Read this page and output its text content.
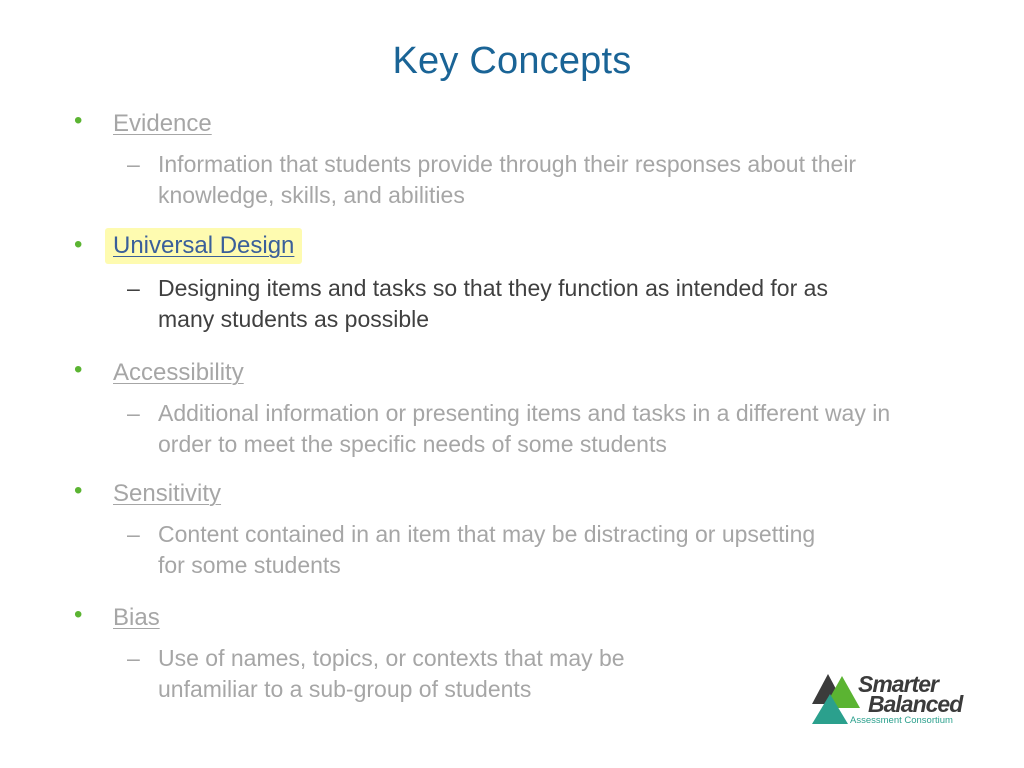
Key Concepts
• Evidence
– Information that students provide through their responses about their knowledge, skills, and abilities
•	Universal Design
– Designing items and tasks so that they function as intended for as many students as possible
• Accessibility
– Additional information or presenting items and tasks in a different way in order to meet the specific needs of some students
• Sensitivity
– Content contained in an item that may be distracting or upsetting for some students
• Bias
– Use of names, topics, or contexts that may be unfamiliar to a sub-group of students	Smarter
Balanced
Assessment Consortium
